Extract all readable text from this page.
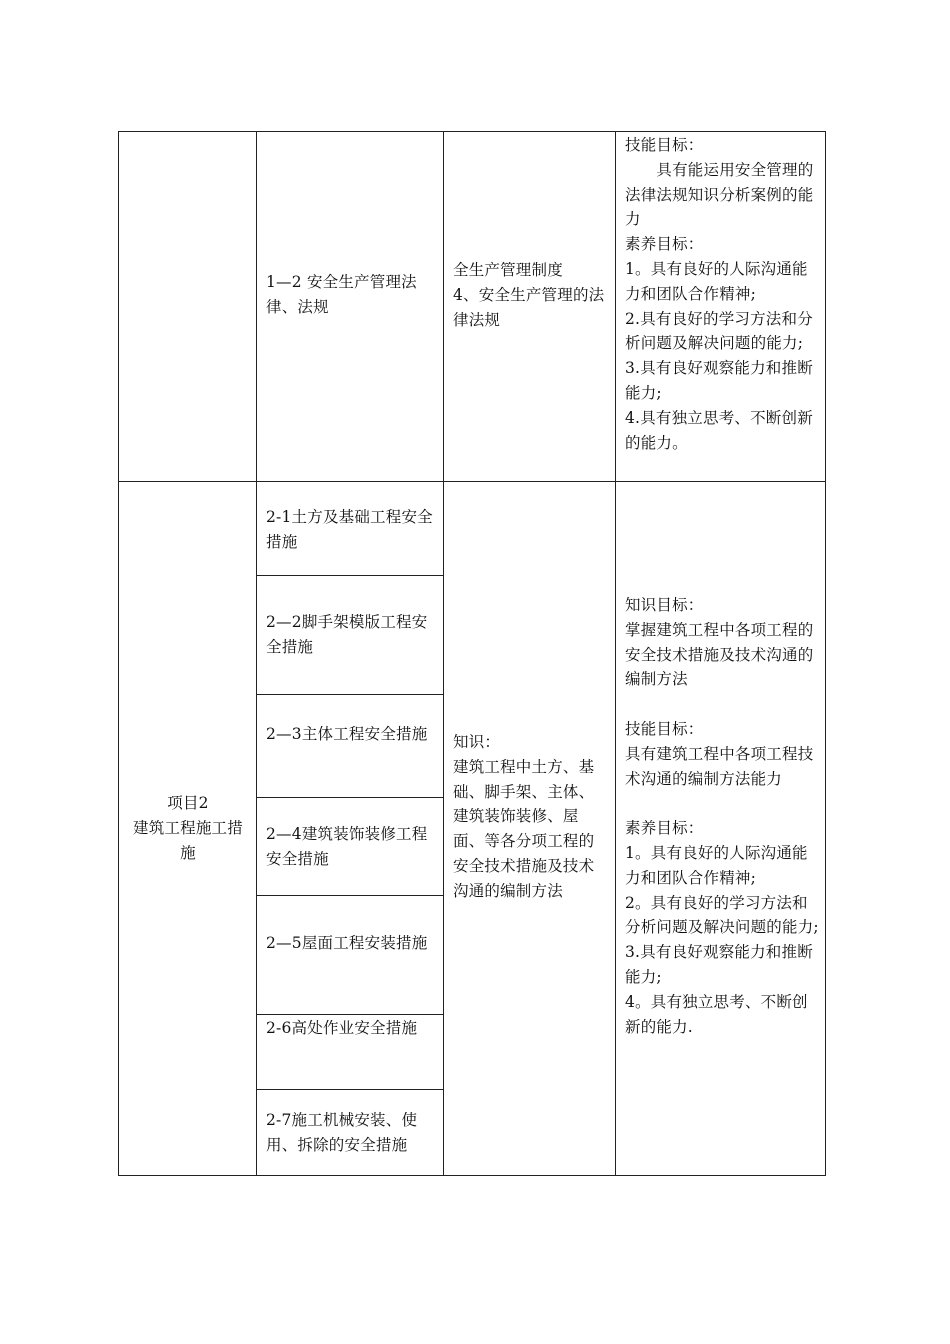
1—2 安全生产管理法律、法规

全生产管理制度

4、安全生产管理的法律法规

技能目标：

　　具有能运用安全管理的法律法规知识分析案例的能力

素养目标：

1。具有良好的人际沟通能力和团队合作精神;

2.具有良好的学习方法和分析问题及解决问题的能力;

3.具有良好观察能力和推断能力;

4.具有独立思考、不断创新的能力。

项目2

建筑工程施工措施

2-1土方及基础工程安全措施

2—2脚手架模版工程安全措施

2—3主体工程安全措施

2—4建筑装饰装修工程安全措施

2—5屋面工程安装措施

2-6高处作业安全措施

2-7施工机械安装、使用、拆除的安全措施

知识：

建筑工程中土方、基础、脚手架、主体、建筑装饰装修、屋面、等各分项工程的安全技术措施及技术沟通的编制方法

知识目标：

掌握建筑工程中各项工程的安全技术措施及技术沟通的编制方法

技能目标：

具有建筑工程中各项工程技术沟通的编制方法能力

素养目标：

1。具有良好的人际沟通能力和团队合作精神;

2。具有良好的学习方法和分析问题及解决问题的能力;

3.具有良好观察能力和推断能力;

4。具有独立思考、不断创新的能力.
